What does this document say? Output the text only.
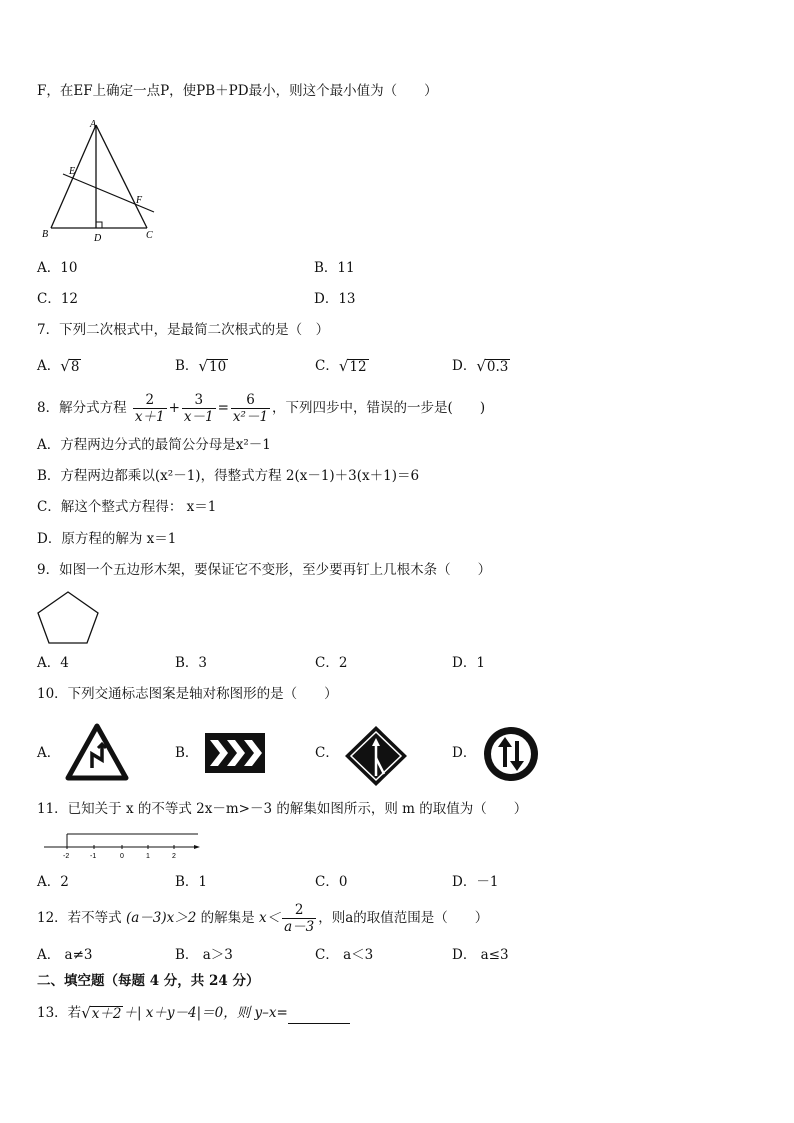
F，在EF上确定一点P，使PB＋PD最小，则这个最小值为（　　）
A
E
F
B	D	C
A．10	B．11
C．12	D．13
7．下列二次根式中，是最简二次根式的是（　）
A． √ 8	B． √ 10	C． √ 12	D． √ 0.3
8．解分式方程 $\frac{2}{x+1} + \frac{3}{x-1} = \frac{6}{\text{x²－1}}$ ，下列四步中，错误的一步是(　　)
A．方程两边分式的最简公分母是x²－1
B．方程两边都乘以(x²－1)，得整式方程 2(x－1)＋3(x＋1)＝6
C．解这个整式方程得： x＝1
D．原方程的解为 x＝1
9．如图一个五边形木架，要保证它不变形，至少要再钉上几根木条（　　）
A．4	B．3	C．2	D．1
10．下列交通标志图案是轴对称图形的是（　　）
A．	B．	C．	D．
11．已知关于 x 的不等式 2x－m>－3 的解集如图所示，则 m 的取值为（　　）
-2	-1	0	1	2
A．2	B．1	C．0	D．－1
12．若不等式 (a－3)x＞2 的解集是 $x< \frac{2}{a-3}$ ，则a的取值范围是（　　）
A． a≠3	B． a＞3	C． a＜3	D． a≤3
二、填空题（每题 4 分，共 24 分）
13．若 √ x＋2 ＋| x＋y－4|＝0，则 y–x=
